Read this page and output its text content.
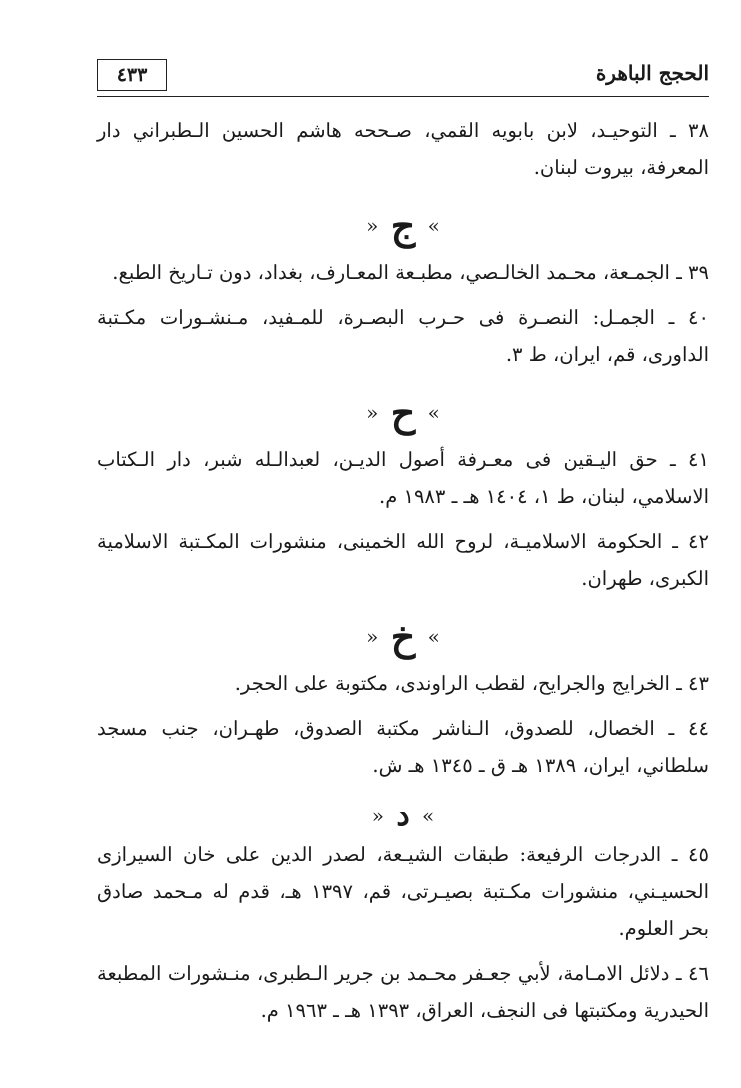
٤٣٣	الحجج الباهرة

٣٨ ـ التوحيـد، لابن بابويه القمي، صـححه هاشم الحسين الـطبراني دار المعرفة، بيروت لبنان.

» ج «

٣٩ ـ الجمـعة، محـمد الخالـصي، مطبـعة المعـارف، بغداد، دون تـاريخ الطبع.

٤٠ ـ الجمـل: النصـرة فى حـرب البصـرة، للمـفيد، مـنشـورات مكـتبة الداورى، قم، ايران، ط ٣.

» ح «

٤١ ـ حق اليـقين فى معـرفة أصول الديـن، لعبدالـله شبر، دار الـكتاب الاسلامي، لبنان، ط ١، ١٤٠٤ هـ ـ ١٩٨٣ م.

٤٢ ـ الحكومة الاسلاميـة، لروح الله الخمينى، منشورات المكـتبة الاسلامية الكبرى، طهران.

» خ «

٤٣ ـ الخرايج والجرايح، لقطب الراوندى، مكتوبة على الحجر.

٤٤ ـ الخصال، للصدوق، الـناشر مكتبة الصدوق، طهـران، جنب مسجد سلطاني، ايران، ١٣٨٩ هـ ق ـ ١٣٤٥ هـ ش.

» د «

٤٥ ـ الدرجات الرفيعة: طبقات الشيـعة، لصدر الدين على خان السيرازى الحسيـني، منشورات مكـتبة بصيـرتى، قم، ١٣٩٧ هـ، قدم له مـحمد صادق بحر العلوم.

٤٦ ـ دلائل الامـامة، لأبي جعـفر محـمد بن جرير الـطبرى، منـشورات المطبعة الحيدرية ومكتبتها فى النجف، العراق، ١٣٩٣ هـ ـ ١٩٦٣ م.
